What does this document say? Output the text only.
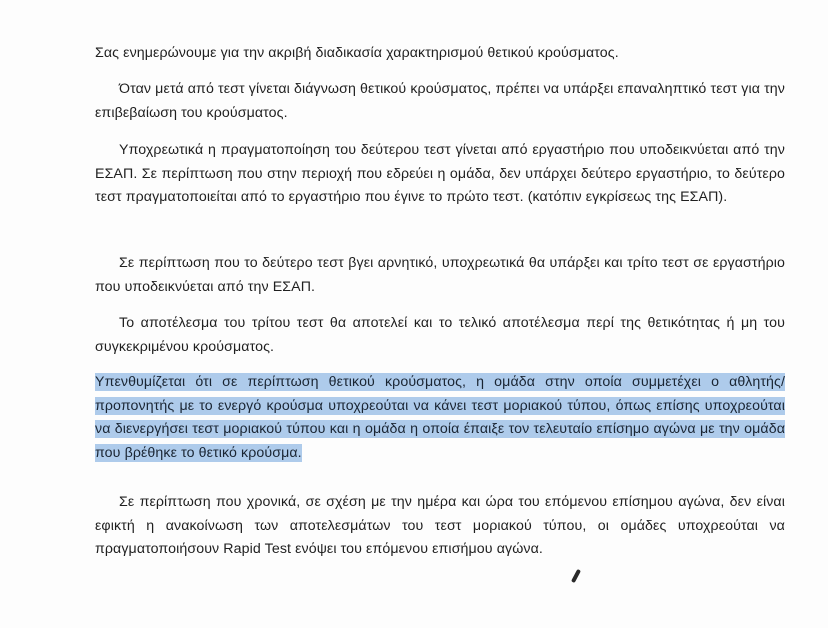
Σας ενημερώνουμε για την ακριβή διαδικασία χαρακτηρισμού θετικού κρούσματος.

Όταν μετά από τεστ γίνεται διάγνωση θετικού κρούσματος, πρέπει να υπάρξει επαναληπτικό τεστ για την επιβεβαίωση του κρούσματος.

Υποχρεωτικά η πραγματοποίηση του δεύτερου τεστ γίνεται από εργαστήριο που υποδεικνύεται από την ΕΣΑΠ. Σε περίπτωση που στην περιοχή που εδρεύει η ομάδα, δεν υπάρχει δεύτερο εργαστήριο, το δεύτερο τεστ πραγματοποιείται από το εργαστήριο που έγινε το πρώτο τεστ. (κατόπιν εγκρίσεως της ΕΣΑΠ).

Σε περίπτωση που το δεύτερο τεστ βγει αρνητικό, υποχρεωτικά θα υπάρξει και τρίτο τεστ σε εργαστήριο που υποδεικνύεται από την ΕΣΑΠ.

Το αποτέλεσμα του τρίτου τεστ θα αποτελεί και το τελικό αποτέλεσμα περί της θετικότητας ή μη του συγκεκριμένου κρούσματος.

Υπενθυμίζεται ότι σε περίπτωση θετικού κρούσματος, η ομάδα στην οποία συμμετέχει ο αθλητής/προπονητής με το ενεργό κρούσμα υποχρεούται να κάνει τεστ μοριακού τύπου, όπως επίσης υποχρεούται να διενεργήσει τεστ μοριακού τύπου και η ομάδα η οποία έπαιξε τον τελευταίο επίσημο αγώνα με την ομάδα που βρέθηκε το θετικό κρούσμα.

Σε περίπτωση που χρονικά, σε σχέση με την ημέρα και ώρα του επόμενου επίσημου αγώνα, δεν είναι εφικτή η ανακοίνωση των αποτελεσμάτων του τεστ μοριακού τύπου, οι ομάδες υποχρεούται να πραγματοποιήσουν Rapid Test ενόψει του επόμενου επισήμου αγώνα.
